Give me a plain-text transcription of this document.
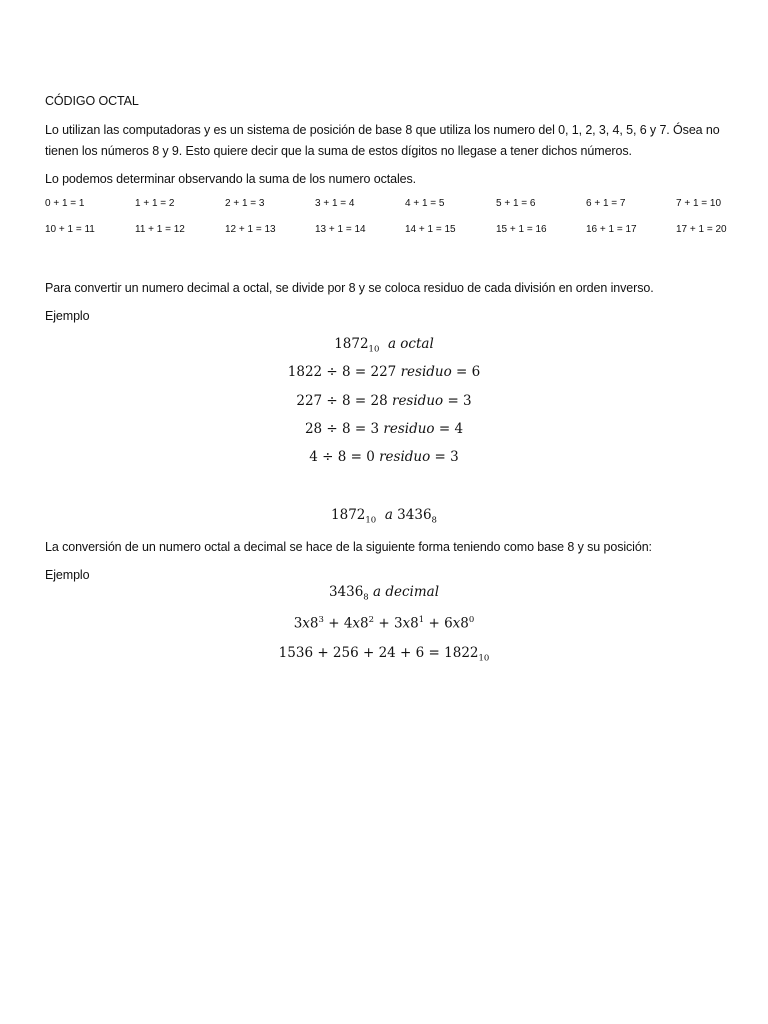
CÓDIGO OCTAL
Lo utilizan las computadoras y es un sistema de posición de base 8 que utiliza los numero del 0, 1, 2, 3, 4, 5, 6 y 7. Ósea no
tienen los números 8 y 9. Esto quiere decir que la suma de estos dígitos no llegase a tener dichos números.
Lo podemos determinar observando la suma de los numero octales.
0 + 1 = 1	1 + 1 = 2	2 + 1 = 3	3 + 1 = 4	4 + 1 = 5	5 + 1 = 6	6 + 1 = 7	7 + 1 = 10
10 + 1 = 11	11 + 1 = 12	12 + 1 = 13	13 + 1 = 14	14 + 1 = 15	15 + 1 = 16	16 + 1 = 17	17 + 1 = 20
Para convertir un numero decimal a octal, se divide por 8 y se coloca residuo de cada división en orden inverso.
Ejemplo
$1872_{10}$ a octal
1822 ÷ 8 = 227 residuo = 6
227 ÷ 8 = 28 residuo = 3
28 ÷ 8 = 3 residuo = 4
4 ÷ 8 = 0 residuo = 3
$1872_{10}$ a $3436_8$
La conversión de un numero octal a decimal se hace de la siguiente forma teniendo como base 8 y su posición:
Ejemplo
$3436_8$ a decimal
$3x8^3 + 4x8^2 + 3x8^1 + 6x8^0$
$1536 + 256 + 24 + 6 = 1822_{10}$
